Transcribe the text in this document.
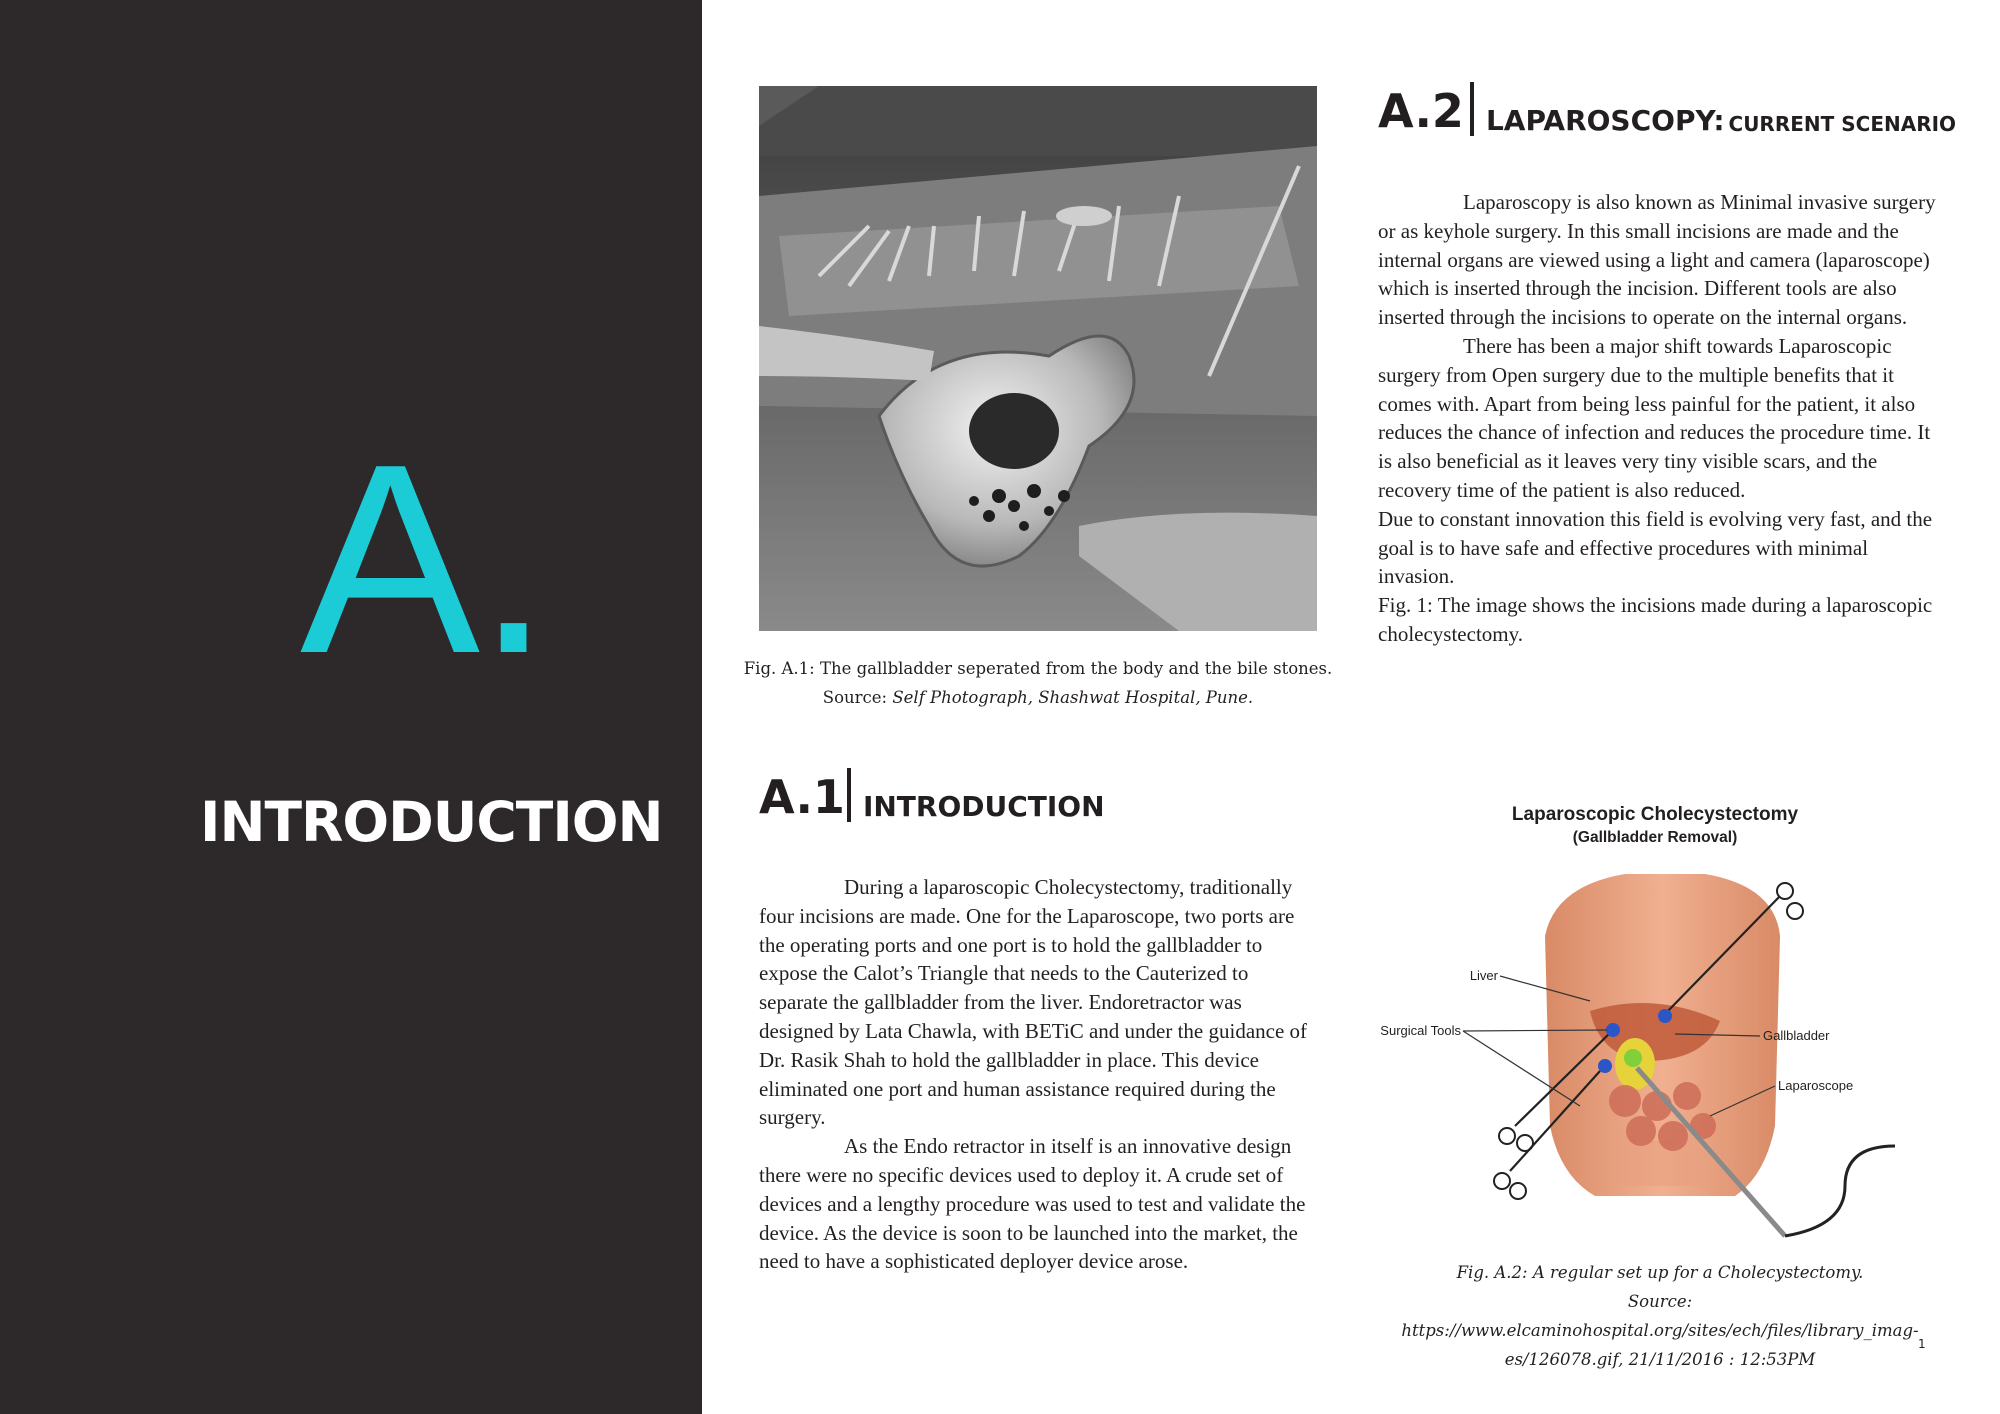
A.
INTRODUCTION
Fig. A.1: The gallbladder seperated from the body and the bile stones.
Source: Self Photograph, Shashwat Hospital, Pune.
A.2 LAPAROSCOPY: CURRENT SCENARIO

Laparoscopy is also known as Minimal invasive surgery or as keyhole surgery. In this small incisions are made and the internal organs are viewed using a light and camera (laparoscope) which is inserted through the incision. Different tools are also inserted through the incisions to operate on the internal organs.

There has been a major shift towards Laparoscopic surgery from Open surgery due to the multiple benefits that it comes with. Apart from being less painful for the patient, it also reduces the chance of infection and reduces the procedure time. It is also beneficial as it leaves very tiny visible scars, and the recovery time of the patient is also reduced.

Due to constant innovation this field is evolving very fast, and the goal is to have safe and effective procedures with minimal invasion.

Fig. 1: The image shows the incisions made during a laparoscopic cholecystectomy.

A.1 INTRODUCTION

During a laparoscopic Cholecystectomy, traditionally four incisions are made. One for the Laparoscope, two ports are the operating ports and one port is to hold the gallbladder to expose the Calot’s Triangle that needs to the Cauterized to separate the gallbladder from the liver. Endoretractor was designed by Lata Chawla, with BETiC and under the guidance of Dr. Rasik Shah to hold the gallbladder in place. This device eliminated one port and human assistance required during the surgery.

As the Endo retractor in itself is an innovative design there were no specific devices used to deploy it. A crude set of devices and a lengthy procedure was used to test and validate the device. As the device is soon to be launched into the market, the need to have a sophisticated deployer device arose.

Laparoscopic Cholecystectomy
(Gallbladder Removal)
Liver
Surgical Tools	Gallbladder
Laparoscope
Fig. A.2: A regular set up for a Cholecystectomy.
Source: https://www.elcaminohospital.org/sites/ech/files/library_imag-es/126078.gif, 21/11/2016 : 12:53PM
1
